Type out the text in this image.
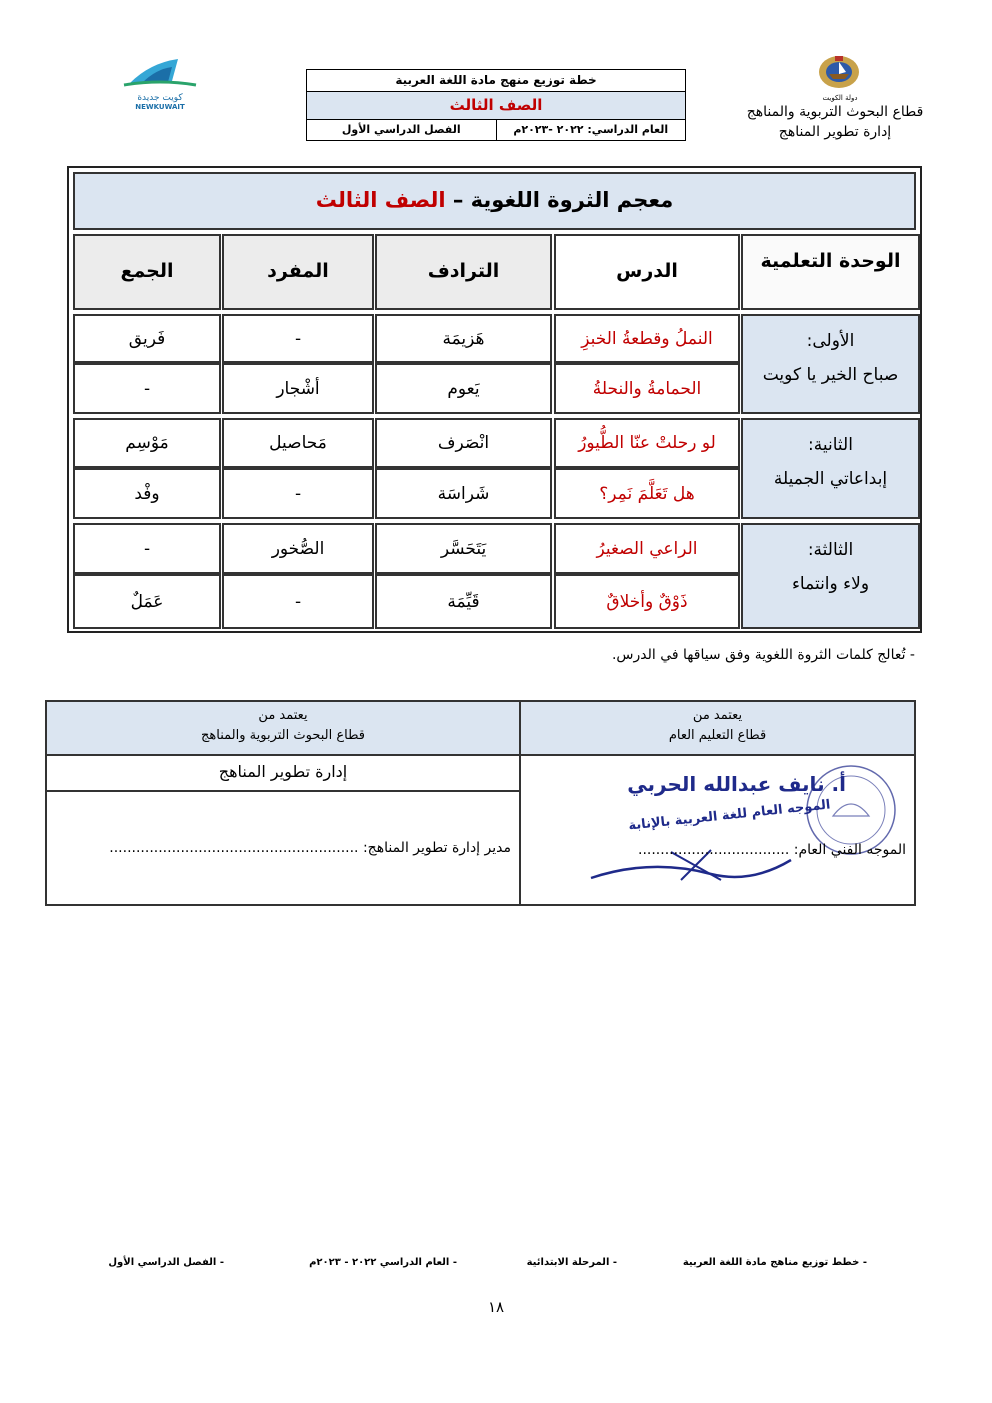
دولة الكويت
قطاع البحوث التربوية والمناهج
إدارة تطوير المناهج
كويت جديدة
NEWKUWAIT
خطة توزيع منهج مادة اللغة العربية
الصف الثالث
العام الدراسي: ٢٠٢٢ -٢٠٢٣م
الفصل الدراسي الأول
معجم الثروة اللغوية – الصف الثالث
الوحدة التعلمية
الدرس
الترادف
المفرد
الجمع
الأولى:
صباح الخير يا كويت
النملُ وقطعةُ الخبزِ
هَزيمَة
-
فَريق
الحمامةُ والنحلةُ
يَعوم
أشْجار
-
الثانية:
إبداعاتي الجميلة
لو رحلتْ عنّا الطُّيورُ
انْصَرف
مَحاصيل
مَوْسِم
هل تَعَلَّمَ نَمِر؟
شَراسَة
-
وفْد
الثالثة:
ولاء وانتماء
الراعي الصغيرُ
يَتَحَسَّر
الصُّخور
-
ذَوْقٌ وأخلاقٌ
قَيِّمَة
-
عَمَلٌ
- تُعالج كلمات الثروة اللغوية وفق سياقها في الدرس.
يعتمد من
قطاع التعليم العام
أ. نايف عبدالله الحربي
الموجه العام للغة العربية بالإنابة
الموجه الفني العام: ..................................
يعتمد من
قطاع البحوث التربوية والمناهج
إدارة تطوير المناهج
مدير إدارة تطوير المناهج: ........................................................
- خطط توزيع مناهج مادة اللغة العربية
- المرحلة الابتدائية
- العام الدراسي ٢٠٢٢ - ٢٠٢٣م
- الفصل الدراسي الأول
١٨
